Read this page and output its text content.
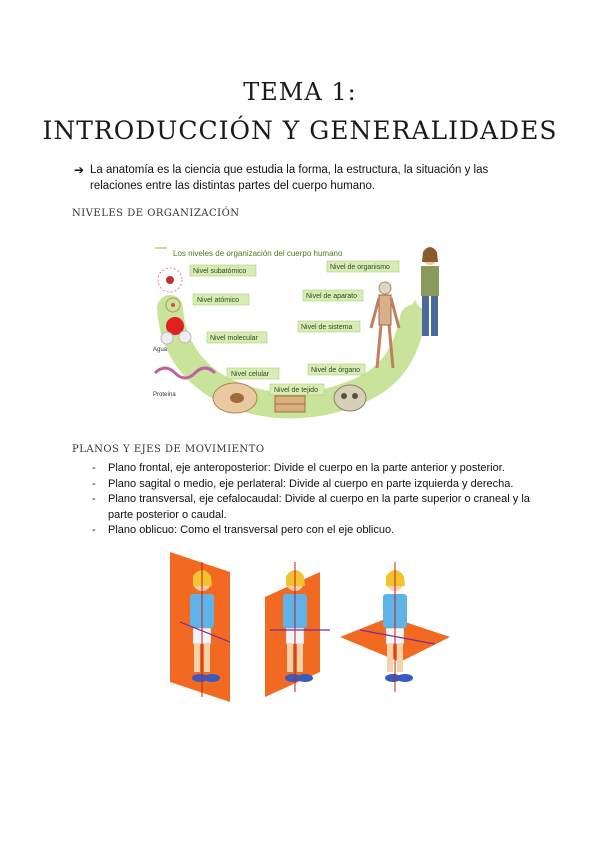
TEMA 1:
INTRODUCCIÓN Y GENERALIDADES
➔ La anatomía es la ciencia que estudia la forma, la estructura, la situación y las relaciones entre las distintas partes del cuerpo humano.
NIVELES DE ORGANIZACIÓN
Los niveles de organización del cuerpo humano
Agua
Proteína
Nivel subatómico
Nivel atómico
Nivel molecular
Nivel celular
Nivel de tejido
Nivel de órgano
Nivel de sistema
Nivel de aparato
Nivel de organismo
PLANOS Y EJES DE MOVIMIENTO
- Plano frontal, eje anteroposterior: Divide el cuerpo en la parte anterior y posterior.
- Plano sagital o medio, eje perlateral: Divide al cuerpo en parte izquierda y derecha.
- Plano transversal, eje cefalocaudal: Divide al cuerpo en la parte superior o craneal y la parte posterior o caudal.
- Plano oblicuo: Como el transversal pero con el eje oblicuo.
